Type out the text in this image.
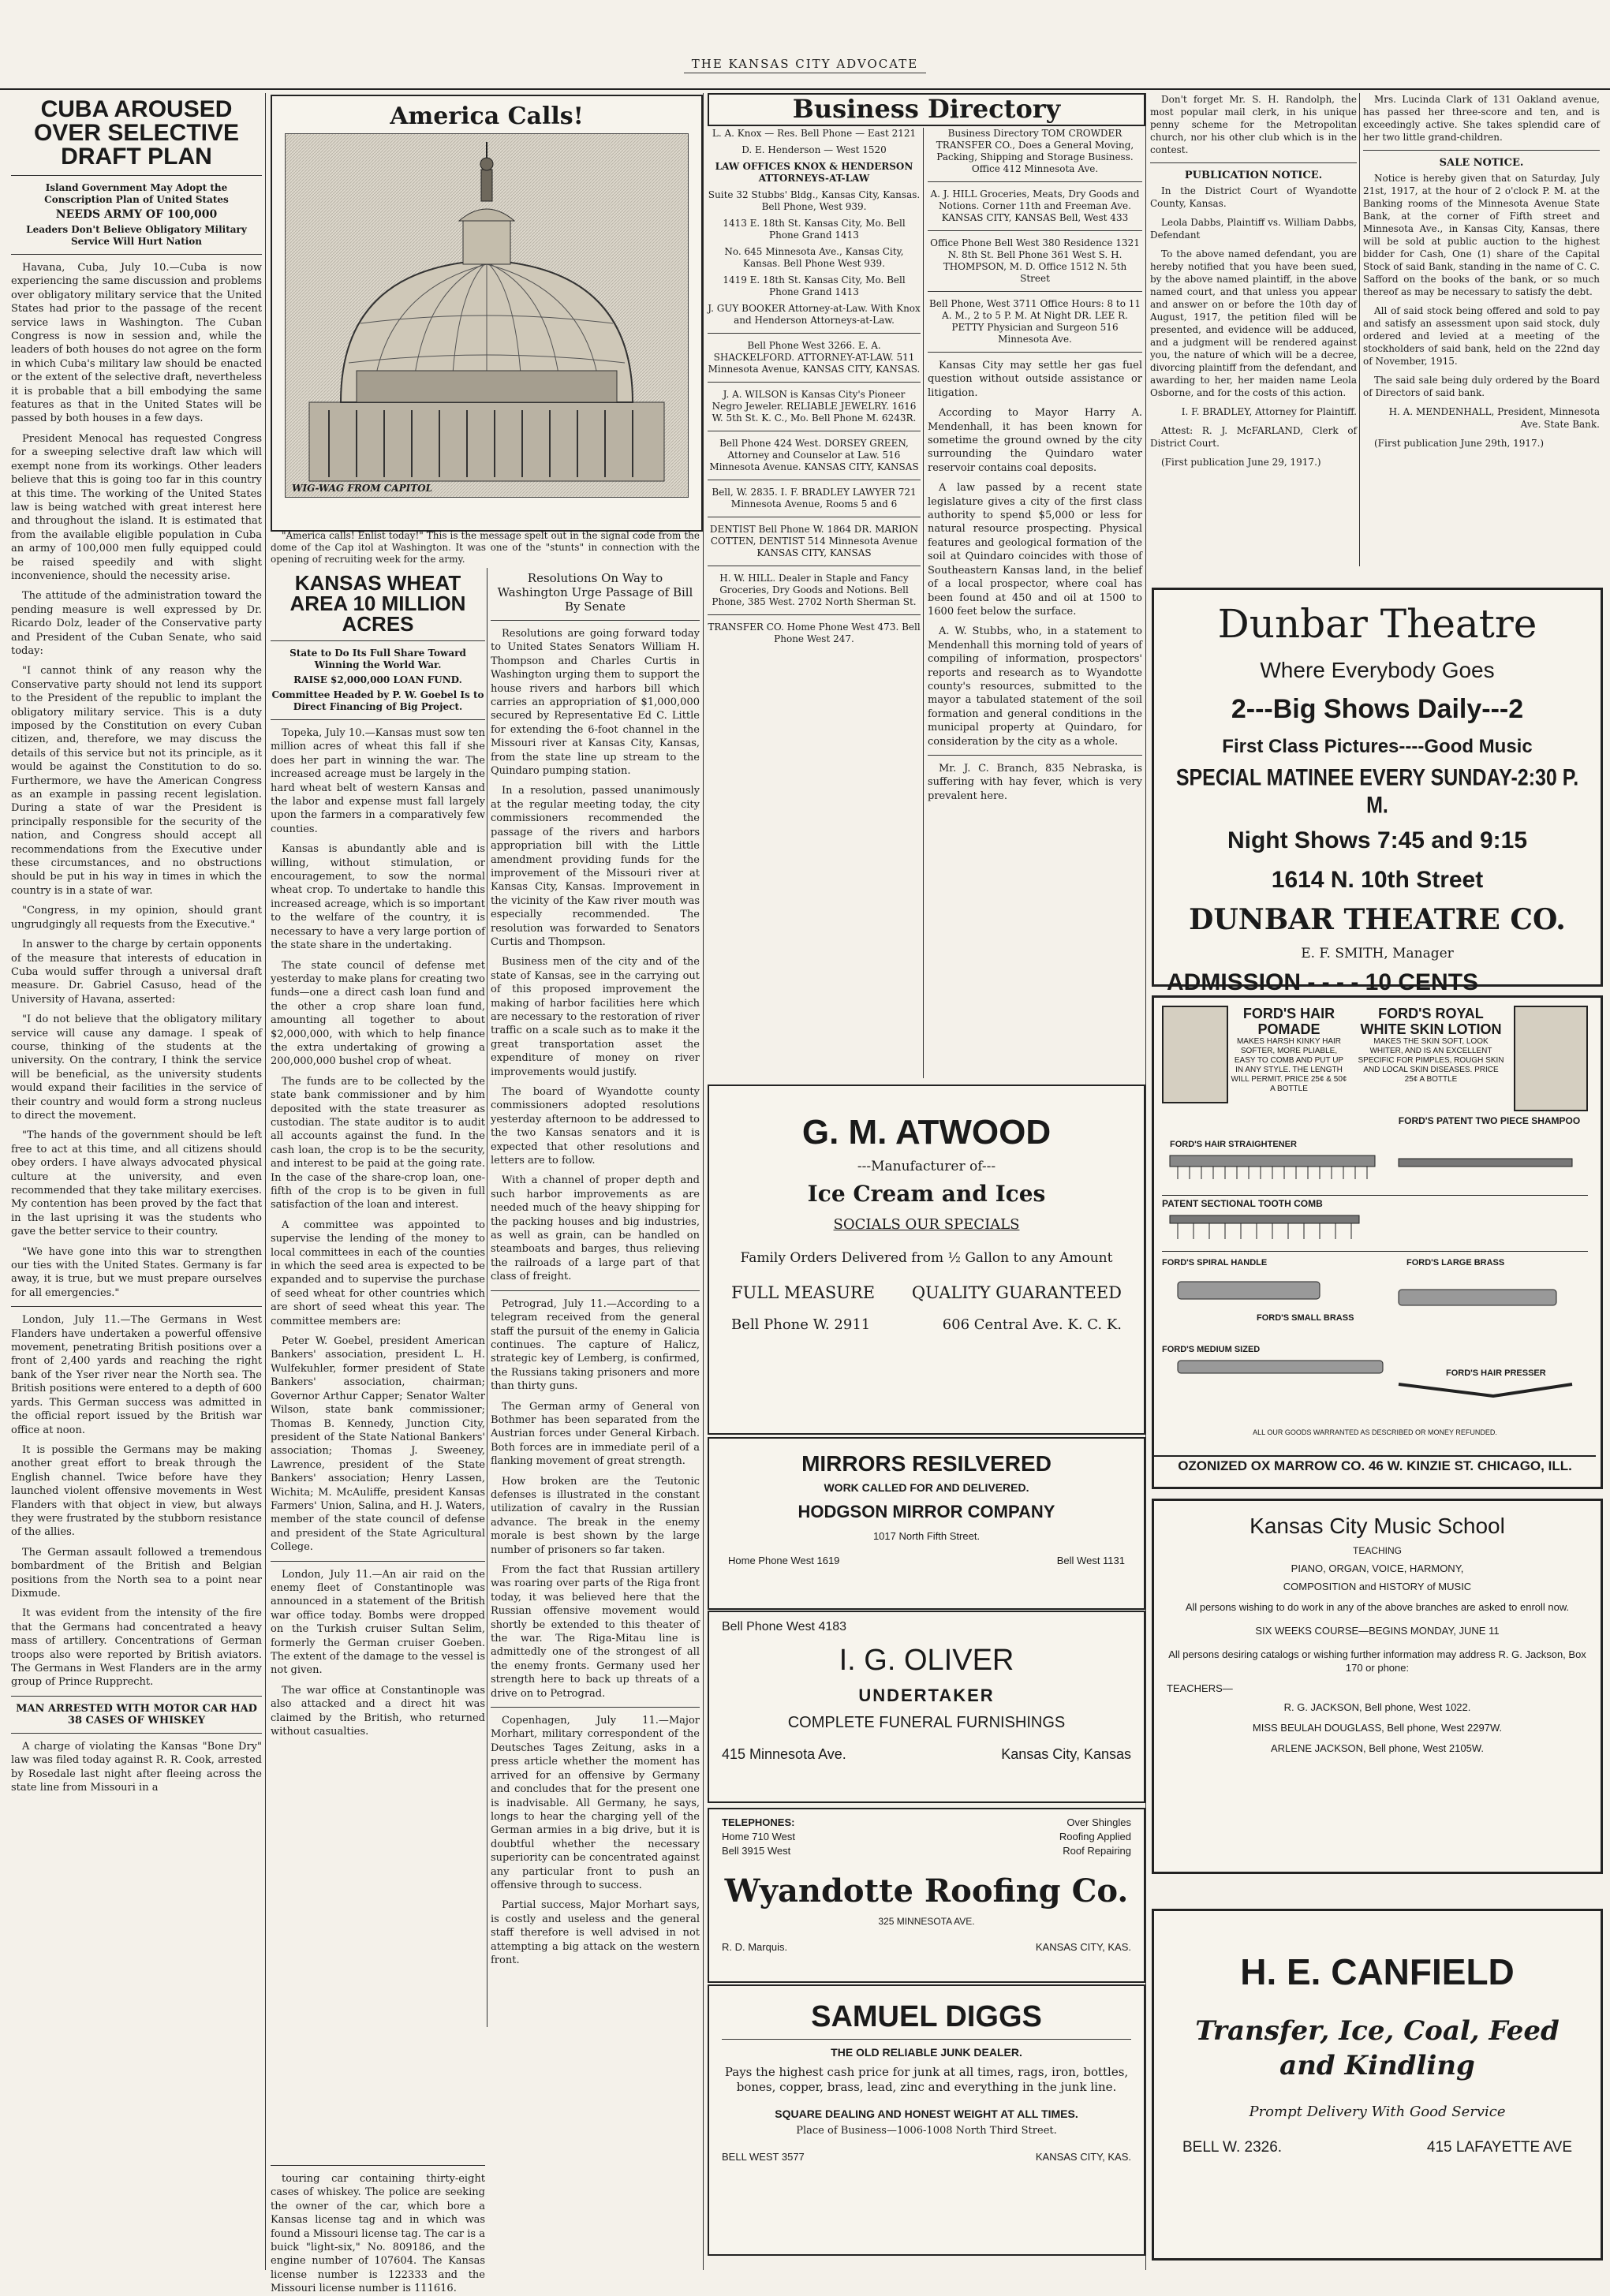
THE KANSAS CITY ADVOCATE
CUBA AROUSED OVER SELECTIVE DRAFT PLAN
Island Government May Adopt the Conscription Plan of United States
NEEDS ARMY OF 100,000
Leaders Don't Believe Obligatory Military Service Will Hurt Nation

Havana, Cuba, July 10.—Cuba is now experiencing the same discussion and problems over obligatory military service that the United States had prior to the passage of the recent service laws in Washington. The Cuban Congress is now in session and, while the leaders of both houses do not agree on the form in which Cuba's military law should be enacted or the extent of the selective draft, nevertheless it is probable that a bill embodying the same features as that in the United States will be passed by both houses in a few days.

President Menocal has requested Congress for a sweeping selective draft law which will exempt none from its workings. Other leaders believe that this is going too far in this country at this time. The working of the United States law is being watched with great interest here and throughout the island. It is estimated that from the available eligible population in Cuba an army of 100,000 men fully equipped could be raised speedily and with slight inconvenience, should the necessity arise.

The attitude of the administration toward the pending measure is well expressed by Dr. Ricardo Dolz, leader of the Conservative party and President of the Cuban Senate, who said today:

"I cannot think of any reason why the Conservative party should not lend its support to the President of the republic to implant the obligatory military service. This is a duty imposed by the Constitution on every Cuban citizen, and, therefore, we may discuss the details of this service but not its principle, as it would be against the Constitution to do so. Furthermore, we have the American Congress as an example in passing recent legislation. During a state of war the President is principally responsible for the security of the nation, and Congress should accept all recommendations from the Executive under these circumstances, and no obstructions should be put in his way in times in which the country is in a state of war.

"Congress, in my opinion, should grant ungrudgingly all requests from the Executive."

In answer to the charge by certain opponents of the measure that interests of education in Cuba would suffer through a universal draft measure. Dr. Gabriel Casuso, head of the University of Havana, asserted:

"I do not believe that the obligatory military service will cause any damage. I speak of course, thinking of the students at the university. On the contrary, I think the service will be beneficial, as the university students would expand their facilities in the service of their country and would form a strong nucleus to direct the movement.

"The hands of the government should be left free to act at this time, and all citizens should obey orders. I have always advocated physical culture at the university, and even recommended that they take military exercises. My contention has been proved by the fact that in the last uprising it was the students who gave the better service to their country.

"We have gone into this war to strengthen our ties with the United States. Germany is far away, it is true, but we must prepare ourselves for all emergencies."

London, July 11.—The Germans in West Flanders have undertaken a powerful offensive movement, penetrating British positions over a front of 2,400 yards and reaching the right bank of the Yser river near the North sea. The British positions were entered to a depth of 600 yards. This German success was admitted in the official report issued by the British war office at noon.

It is possible the Germans may be making another great effort to break through the English channel. Twice before have they launched violent offensive movements in West Flanders with that object in view, but always they were frustrated by the stubborn resistance of the allies.

The German assault followed a tremendous bombardment of the British and Belgian positions from the North sea to a point near Dixmude.

It was evident from the intensity of the fire that the Germans had concentrated a heavy mass of artillery. Concentrations of German troops also were reported by British aviators. The Germans in West Flanders are in the army group of Prince Rupprecht.

MAN ARRESTED WITH MOTOR CAR HAD 38 CASES OF WHISKEY

A charge of violating the Kansas "Bone Dry" law was filed today against R. R. Cook, arrested by Rosedale last night after fleeing across the state line from Missouri in a

America Calls!
WIG-WAG FROM CAPITOL

"America calls! Enlist today!" This is the message spelt out in the signal code from the dome of the Cap itol at Washington. It was one of the "stunts" in connection with the opening of recruiting week for the army.

KANSAS WHEAT AREA 10 MILLION ACRES
State to Do Its Full Share Toward Winning the World War.
RAISE $2,000,000 LOAN FUND.
Committee Headed by P. W. Goebel Is to Direct Financing of Big Project.

Topeka, July 10.—Kansas must sow ten million acres of wheat this fall if she does her part in winning the war. The increased acreage must be largely in the hard wheat belt of western Kansas and the labor and expense must fall largely upon the farmers in a comparatively few counties.

Kansas is abundantly able and is willing, without stimulation, or encouragement, to sow the normal wheat crop. To undertake to handle this increased acreage, which is so important to the welfare of the country, it is necessary to have a very large portion of the state share in the undertaking.

The state council of defense met yesterday to make plans for creating two funds—one a direct cash loan fund and the other a crop share loan fund, amounting all together to about $2,000,000, with which to help finance the extra undertaking of growing a 200,000,000 bushel crop of wheat.

The funds are to be collected by the state bank commissioner and by him deposited with the state treasurer as custodian. The state auditor is to audit all accounts against the fund. In the cash loan, the crop is to be the security, and interest to be paid at the going rate. In the case of the share-crop loan, one-fifth of the crop is to be given in full satisfaction of the loan and interest.

A committee was appointed to supervise the lending of the money to local committees in each of the counties in which the seed area is expected to be expanded and to supervise the purchase of seed wheat for other countries which are short of seed wheat this year. The committee members are:

Peter W. Goebel, president American Bankers' association, president L. H. Wulfekuhler, former president of State Bankers' association, chairman; Governor Arthur Capper; Senator Walter Wilson, state bank commissioner; Thomas B. Kennedy, Junction City, president of the State National Bankers' association; Thomas J. Sweeney, Lawrence, president of the State Bankers' association; Henry Lassen, Wichita; M. McAuliffe, president Kansas Farmers' Union, Salina, and H. J. Waters, member of the state council of defense and president of the State Agricultural College.

London, July 11.—An air raid on the enemy fleet of Constantinople was announced in a statement of the British war office today. Bombs were dropped on the Turkish cruiser Sultan Selim, formerly the German cruiser Goeben. The extent of the damage to the vessel is not given.

The war office at Constantinople was also attacked and a direct hit was claimed by the British, who returned without casualties.

Resolutions On Way to Washington Urge Passage of Bill By Senate

Resolutions are going forward today to United States Senators William H. Thompson and Charles Curtis in Washington urging them to support the house rivers and harbors bill which carries an appropriation of $1,000,000 secured by Representative Ed C. Little for extending the 6-foot channel in the Missouri river at Kansas City, Kansas, from the state line up stream to the Quindaro pumping station.

In a resolution, passed unanimously at the regular meeting today, the city commissioners recommended the passage of the rivers and harbors appropriation bill with the Little amendment providing funds for the improvement of the Missouri river at Kansas City, Kansas. Improvement in the vicinity of the Kaw river mouth was especially recommended. The resolution was forwarded to Senators Curtis and Thompson.

Business men of the city and of the state of Kansas, see in the carrying out of this proposed improvement the making of harbor facilities here which are necessary to the restoration of river traffic on a scale such as to make it the great transportation asset the expenditure of money on river improvements would justify.

The board of Wyandotte county commissioners adopted resolutions yesterday afternoon to be addressed to the two Kansas senators and it is expected that other resolutions and letters are to follow.

With a channel of proper depth and such harbor improvements as are needed much of the heavy shipping for the packing houses and big industries, as well as grain, can be handled on steamboats and barges, thus relieving the railroads of a large part of that class of freight.

Petrograd, July 11.—According to a telegram received from the general staff the pursuit of the enemy in Galicia continues. The capture of Halicz, strategic key of Lemberg, is confirmed, the Russians taking prisoners and more than thirty guns.

The German army of General von Bothmer has been separated from the Austrian forces under General Kirbach. Both forces are in immediate peril of a flanking movement of great strength.

How broken are the Teutonic defenses is illustrated in the constant utilization of cavalry in the Russian advance. The break in the enemy morale is best shown by the large number of prisoners so far taken.

From the fact that Russian artillery was roaring over parts of the Riga front today, it was believed here that the Russian offensive movement would shortly be extended to this theater of the war. The Riga-Mitau line is admittedly one of the strongest of all the enemy fronts. Germany used her strength here to back up threats of a drive on to Petrograd.

Copenhagen, July 11.—Major Morhart, military correspondent of the Deutsches Tages Zeitung, asks in a press article whether the moment has arrived for an offensive by Germany and concludes that for the present one is inadvisable. All Germany, he says, longs to hear the charging yell of the German armies in a big drive, but it is doubtful whether the necessary superiority can be concentrated against any particular front to push an offensive through to success.

Partial success, Major Morhart says, is costly and useless and the general staff therefore is well advised in not attempting a big attack on the western front.

touring car containing thirty-eight cases of whiskey. The police are seeking the owner of the car, which bore a Kansas license tag and in which was found a Missouri license tag. The car is a buick "light-six," No. 809186, and the engine number of 107604. The Kansas license number is 122333 and the Missouri license number is 111616.

Business Directory
L. A. Knox — Res. Bell Phone — East 2121
D. E. Henderson — West 1520
LAW OFFICES KNOX & HENDERSON ATTORNEYS-AT-LAW
Suite 32 Stubbs' Bldg., Kansas City, Kansas. Bell Phone, West 939.
1413 E. 18th St. Kansas City, Mo. Bell Phone Grand 1413
No. 645 Minnesota Ave., Kansas City, Kansas. Bell Phone West 939.
1419 E. 18th St. Kansas City, Mo. Bell Phone Grand 1413
J. GUY BOOKER Attorney-at-Law. With Knox and Henderson Attorneys-at-Law.
Bell Phone West 3266. E. A. SHACKELFORD. ATTORNEY-AT-LAW. 511 Minnesota Avenue, KANSAS CITY, KANSAS.
J. A. WILSON is Kansas City's Pioneer Negro Jeweler. RELIABLE JEWELRY. 1616 W. 5th St. K. C., Mo. Bell Phone M. 6243R.
Bell Phone 424 West. DORSEY GREEN, Attorney and Counselor at Law. 516 Minnesota Avenue. KANSAS CITY, KANSAS
Bell, W. 2835. I. F. BRADLEY LAWYER 721 Minnesota Avenue, Rooms 5 and 6
DENTIST Bell Phone W. 1864 DR. MARION COTTEN, DENTIST 514 Minnesota Avenue KANSAS CITY, KANSAS
H. W. HILL. Dealer in Staple and Fancy Groceries, Dry Goods and Notions. Bell Phone, 385 West. 2702 North Sherman St.
TRANSFER CO. Home Phone West 473. Bell Phone West 247.
Business Directory TOM CROWDER TRANSFER CO., Does a General Moving, Packing, Shipping and Storage Business. Office 412 Minnesota Ave.
A. J. HILL Groceries, Meats, Dry Goods and Notions. Corner 11th and Freeman Ave. KANSAS CITY, KANSAS Bell, West 433
Office Phone Bell West 380 Residence 1321 N. 8th St. Bell Phone 361 West S. H. THOMPSON, M. D. Office 1512 N. 5th Street
Bell Phone, West 3711 Office Hours: 8 to 11 A. M., 2 to 5 P. M. At Night DR. LEE R. PETTY Physician and Surgeon 516 Minnesota Ave.

Kansas City may settle her gas fuel question without outside assistance or litigation.

According to Mayor Harry A. Mendenhall, it has been known for sometime the ground owned by the city surrounding the Quindaro water reservoir contains coal deposits.

A law passed by a recent state legislature gives a city of the first class authority to spend $5,000 or less for natural resource prospecting. Physical features and geological formation of the soil at Quindaro coincides with those of Southeastern Kansas land, in the belief of a local prospector, where coal has been found at 450 and oil at 1500 to 1600 feet below the surface.

A. W. Stubbs, who, in a statement to Mendenhall this morning told of years of compiling of information, prospectors' reports and research as to Wyandotte county's resources, submitted to the mayor a tabulated statement of the soil formation and general conditions in the municipal property at Quindaro, for consideration by the city as a whole.

Mr. J. C. Branch, 835 Nebraska, is suffering with hay fever, which is very prevalent here.

G. M. ATWOOD
---Manufacturer of---
Ice Cream and Ices
SOCIALS OUR SPECIALS
Family Orders Delivered from ½ Gallon to any Amount
FULL MEASURE QUALITY GUARANTEED
Bell Phone W. 2911	606 Central Ave. K. C. K.
MIRRORS RESILVERED
WORK CALLED FOR AND DELIVERED.
HODGSON MIRROR COMPANY
1017 North Fifth Street.
Home Phone West 1619	Bell West 1131
Bell Phone West 4183
I. G. OLIVER
UNDERTAKER
COMPLETE FUNERAL FURNISHINGS
415 Minnesota Ave.	Kansas City, Kansas
TELEPHONES:
Home 710 West
Bell 3915 West
Over Shingles
Roofing Applied
Roof Repairing
Wyandotte Roofing Co.
325 MINNESOTA AVE.
R. D. Marquis.	KANSAS CITY, KAS.
SAMUEL DIGGS
THE OLD RELIABLE JUNK DEALER.
Pays the highest cash price for junk at all times, rags, iron, bottles, bones, copper, brass, lead, zinc and everything in the junk line.
SQUARE DEALING AND HONEST WEIGHT AT ALL TIMES.
Place of Business—1006-1008 North Third Street.
BELL WEST 3577	KANSAS CITY, KAS.

Don't forget Mr. S. H. Randolph, the most popular mail clerk, in his unique penny scheme for the Metropolitan church, nor his other club which is in the contest.

PUBLICATION NOTICE.

In the District Court of Wyandotte County, Kansas.

Leola Dabbs, Plaintiff vs. William Dabbs, Defendant

To the above named defendant, you are hereby notified that you have been sued, by the above named plaintiff, in the above named court, and that unless you appear and answer on or before the 10th day of August, 1917, the petition filed will be presented, and evidence will be adduced, and a judgment will be rendered against you, the nature of which will be a decree, divorcing plaintiff from the defendant, and awarding to her, her maiden name Leola Osborne, and for the costs of this action.

I. F. BRADLEY, Attorney for Plaintiff.

Attest: R. J. McFARLAND, Clerk of District Court.

(First publication June 29, 1917.)

Mrs. Lucinda Clark of 131 Oakland avenue, has passed her three-score and ten, and is exceedingly active. She takes splendid care of her two little grand-children.

SALE NOTICE.

Notice is hereby given that on Saturday, July 21st, 1917, at the hour of 2 o'clock P. M. at the Banking rooms of the Minnesota Avenue State Bank, at the corner of Fifth street and Minnesota Ave., in Kansas City, Kansas, there will be sold at public auction to the highest bidder for Cash, One (1) share of the Capital Stock of said Bank, standing in the name of C. C. Safford on the books of the bank, or so much thereof as may be necessary to satisfy the debt.

All of said stock being offered and sold to pay and satisfy an assessment upon said stock, duly ordered and levied at a meeting of the stockholders of said bank, held on the 22nd day of November, 1915.

The said sale being duly ordered by the Board of Directors of said bank.

H. A. MENDENHALL, President, Minnesota Ave. State Bank.

(First publication June 29th, 1917.)

Dunbar Theatre
Where Everybody Goes
2---Big Shows Daily---2
First Class Pictures----Good Music
SPECIAL MATINEE EVERY SUNDAY-2:30 P. M.
Night Shows 7:45 and 9:15
1614 N. 10th Street
DUNBAR THEATRE CO.
E. F. SMITH, Manager
ADMISSION - - - - 10 CENTS
FORD'S HAIR POMADE
MAKES HARSH KINKY HAIR SOFTER, MORE PLIABLE, EASY TO COMB AND PUT UP IN ANY STYLE. THE LENGTH WILL PERMIT. PRICE 25¢ & 50¢ A BOTTLE
FORD'S ROYAL WHITE SKIN LOTION
MAKES THE SKIN SOFT, LOOK WHITER, AND IS AN EXCELLENT SPECIFIC FOR PIMPLES, ROUGH SKIN AND LOCAL SKIN DISEASES. PRICE 25¢ A BOTTLE
FORD'S PATENT TWO PIECE SHAMPOO
FORD'S HAIR STRAIGHTENER
PATENT SECTIONAL TOOTH COMB
FORD'S SPIRAL HANDLE	FORD'S LARGE BRASS
FORD'S SMALL BRASS
FORD'S MEDIUM SIZED
FORD'S HAIR PRESSER
ALL OUR GOODS WARRANTED AS DESCRIBED OR MONEY REFUNDED.
OZONIZED OX MARROW CO. 46 W. KINZIE ST. CHICAGO, ILL.
Kansas City Music School
TEACHING
PIANO, ORGAN, VOICE, HARMONY,
COMPOSITION and HISTORY of MUSIC
All persons wishing to do work in any of the above branches are asked to enroll now.
SIX WEEKS COURSE—BEGINS MONDAY, JUNE 11
All persons desiring catalogs or wishing further information may address R. G. Jackson, Box 170 or phone:
TEACHERS—
R. G. JACKSON, Bell phone, West 1022.
MISS BEULAH DOUGLASS, Bell phone, West 2297W.
ARLENE JACKSON, Bell phone, West 2105W.
H. E. CANFIELD
Transfer, Ice, Coal, Feed and Kindling
Prompt Delivery With Good Service
BELL W. 2326.	415 LAFAYETTE AVE
